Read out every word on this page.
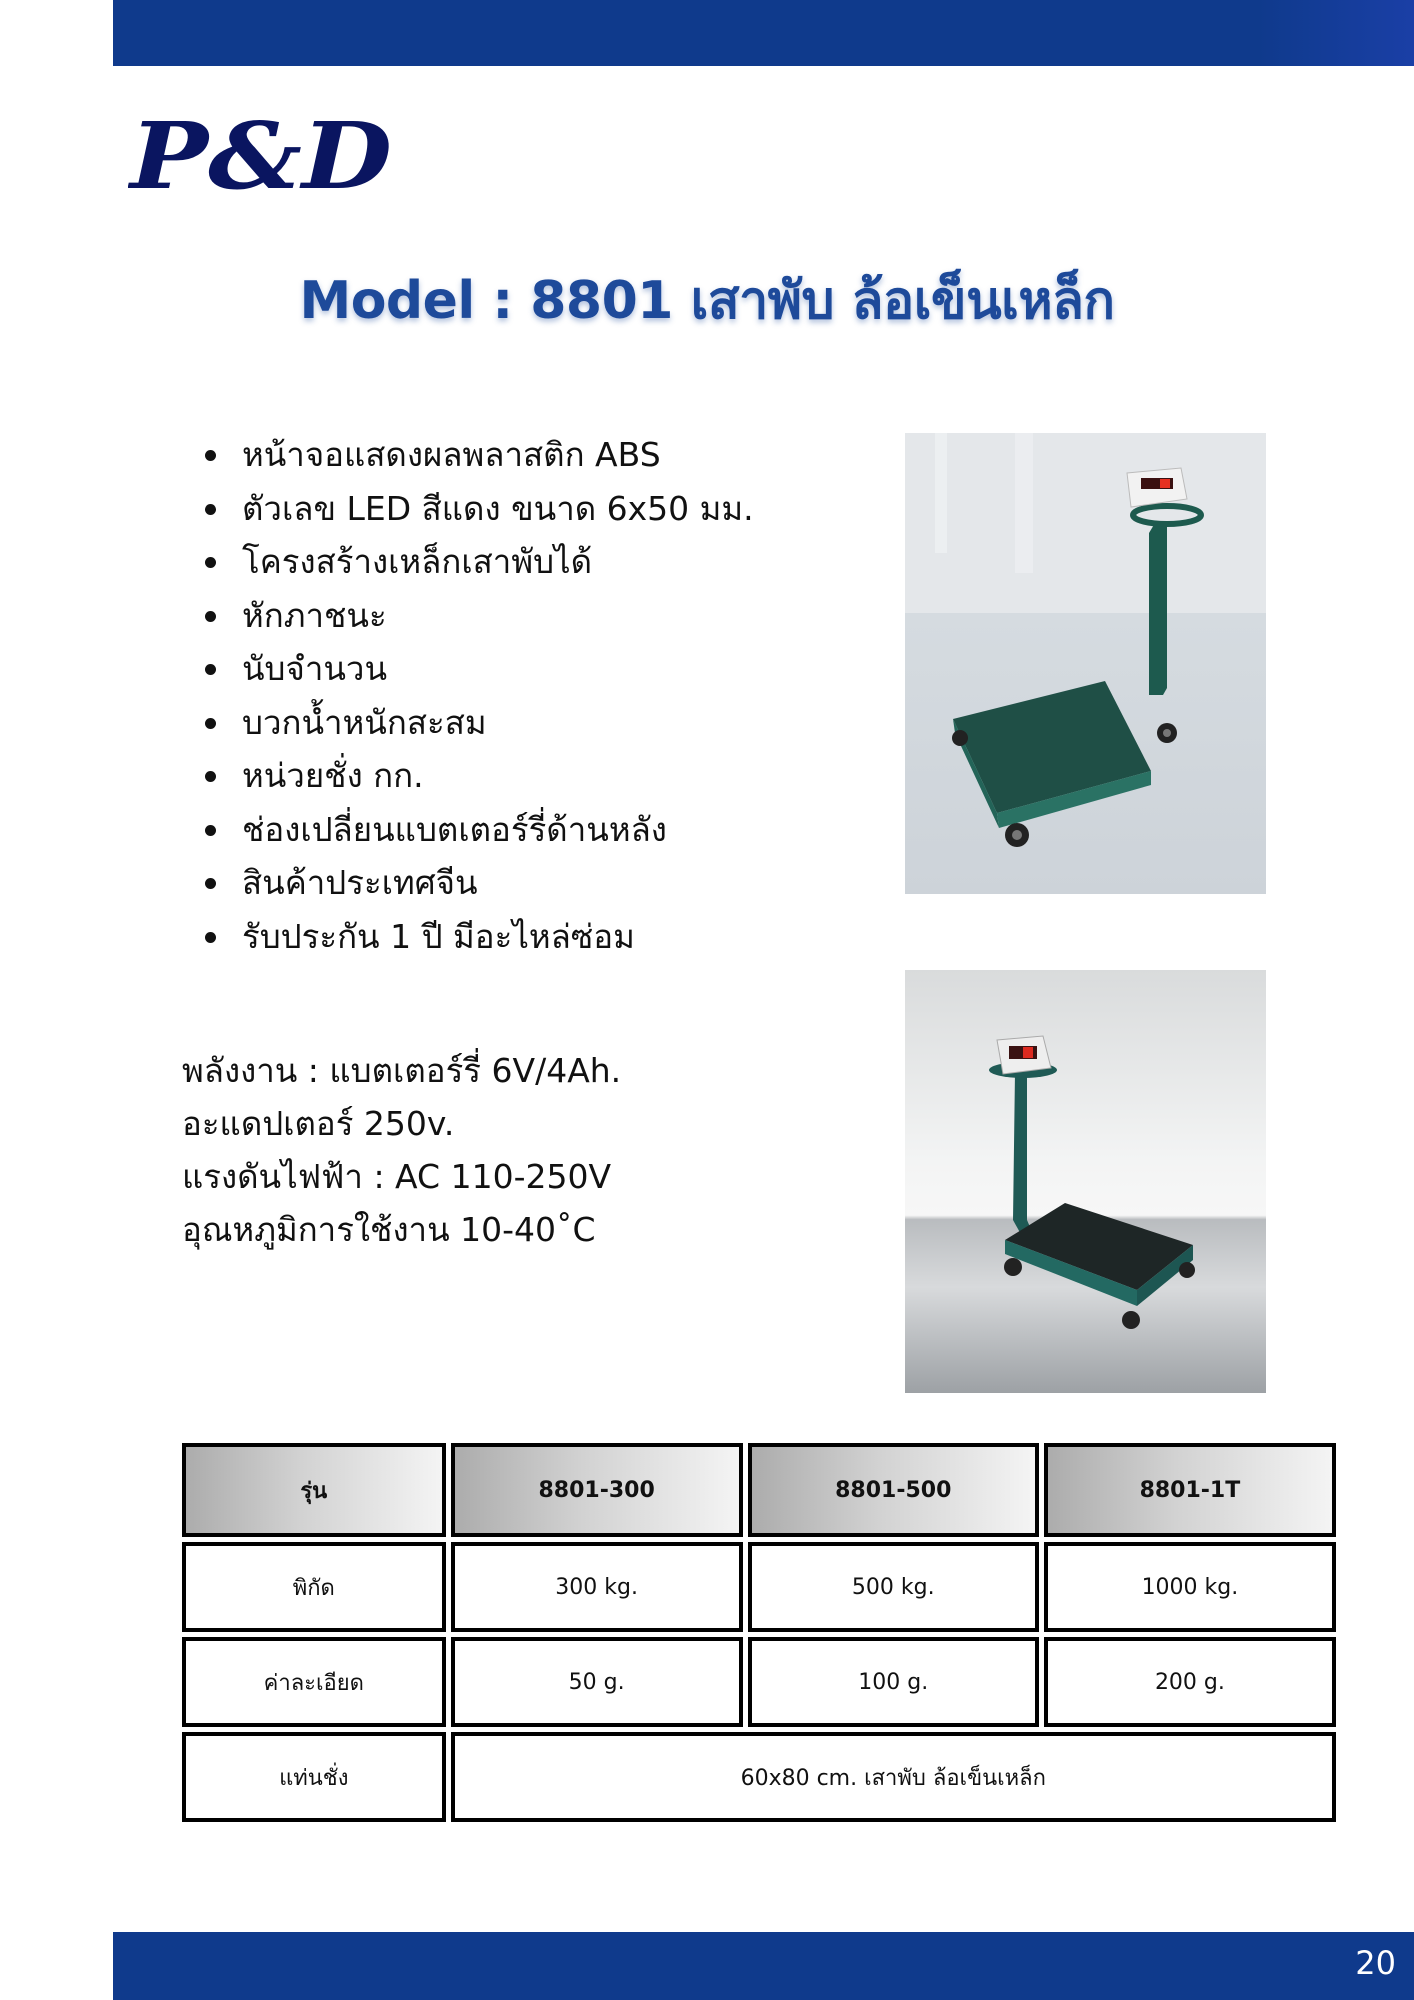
P&D
Model : 8801 เสาพับ ล้อเข็นเหล็ก
หน้าจอแสดงผลพลาสติก ABS
ตัวเลข LED สีแดง ขนาด 6x50 มม.
โครงสร้างเหล็กเสาพับได้
หักภาชนะ
นับจำนวน
บวกน้ำหนักสะสม
หน่วยชั่ง กก.
ช่องเปลี่ยนแบตเตอร์รี่ด้านหลัง
สินค้าประเทศจีน
รับประกัน 1 ปี มีอะไหล่ซ่อม
พลังงาน : แบตเตอร์รี่ 6V/4Ah.
อะแดปเตอร์ 250v.
แรงดันไฟฟ้า : AC 110-250V
อุณหภูมิการใช้งาน 10-40˚C
รุ่น	8801-300	8801-500	8801-1T
พิกัด	300 kg.	500 kg.	1000 kg.
ค่าละเอียด	50 g.	100 g.	200 g.
แท่นชั่ง	60x80 cm. เสาพับ ล้อเข็นเหล็ก		
20
